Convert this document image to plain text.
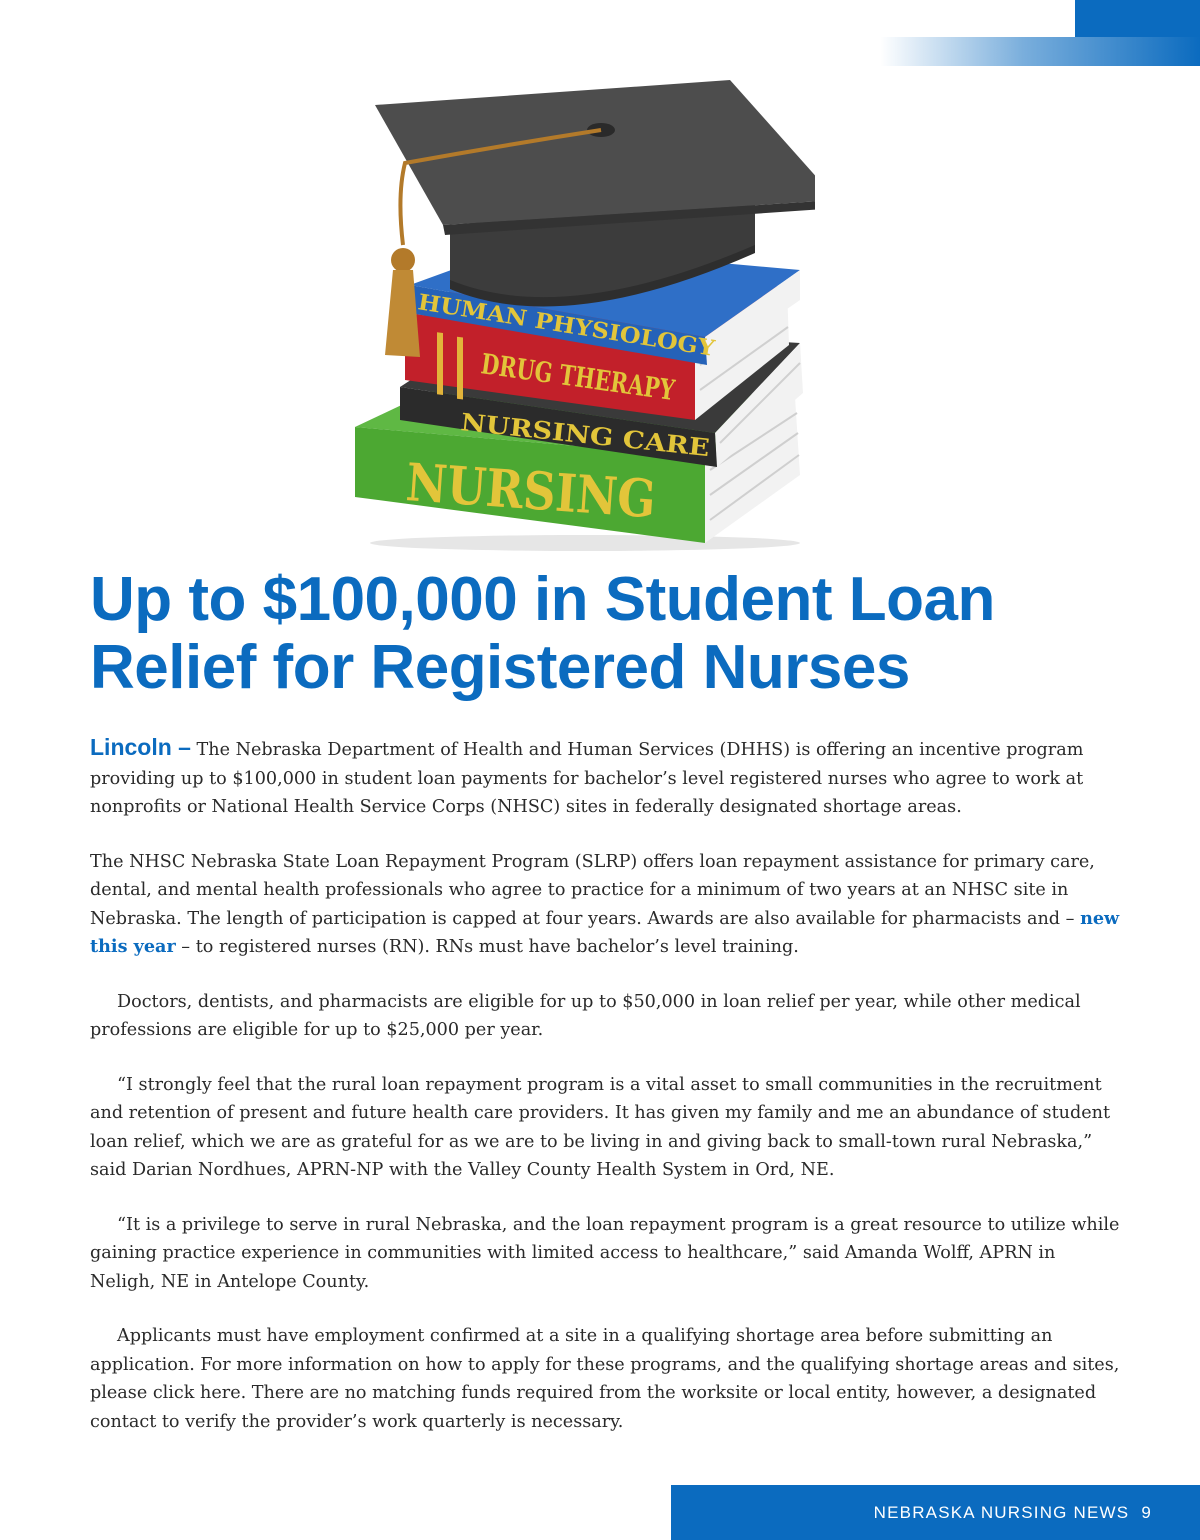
NURSING
NURSING CARE
DRUG THERAPY
HUMAN PHYSIOLOGY
Up to $100,000 in Student Loan
Relief for Registered Nurses

Lincoln – The Nebraska Department of Health and Human Services (DHHS) is offering an incentive program providing up to $100,000 in student loan payments for bachelor’s level registered nurses who agree to work at nonprofits or National Health Service Corps (NHSC) sites in federally designated shortage areas.

The NHSC Nebraska State Loan Repayment Program (SLRP) offers loan repayment assistance for primary care, dental, and mental health professionals who agree to practice for a minimum of two years at an NHSC site in Nebraska. The length of participation is capped at four years. Awards are also available for pharmacists and – new this year – to registered nurses (RN). RNs must have bachelor’s level training.

Doctors, dentists, and pharmacists are eligible for up to $50,000 in loan relief per year, while other medical professions are eligible for up to $25,000 per year.

“I strongly feel that the rural loan repayment program is a vital asset to small communities in the recruitment and retention of present and future health care providers. It has given my family and me an abundance of student loan relief, which we are as grateful for as we are to be living in and giving back to small-town rural Nebraska,” said Darian Nordhues, APRN-NP with the Valley County Health System in Ord, NE.

“It is a privilege to serve in rural Nebraska, and the loan repayment program is a great resource to utilize while gaining practice experience in communities with limited access to healthcare,” said Amanda Wolff, APRN in Neligh, NE in Antelope County.

Applicants must have employment confirmed at a site in a qualifying shortage area before submitting an application. For more information on how to apply for these programs, and the qualifying shortage areas and sites, please click here. There are no matching funds required from the worksite or local entity, however, a designated contact to verify the provider’s work quarterly is necessary.

NEBRASKA NURSING NEWS 9
